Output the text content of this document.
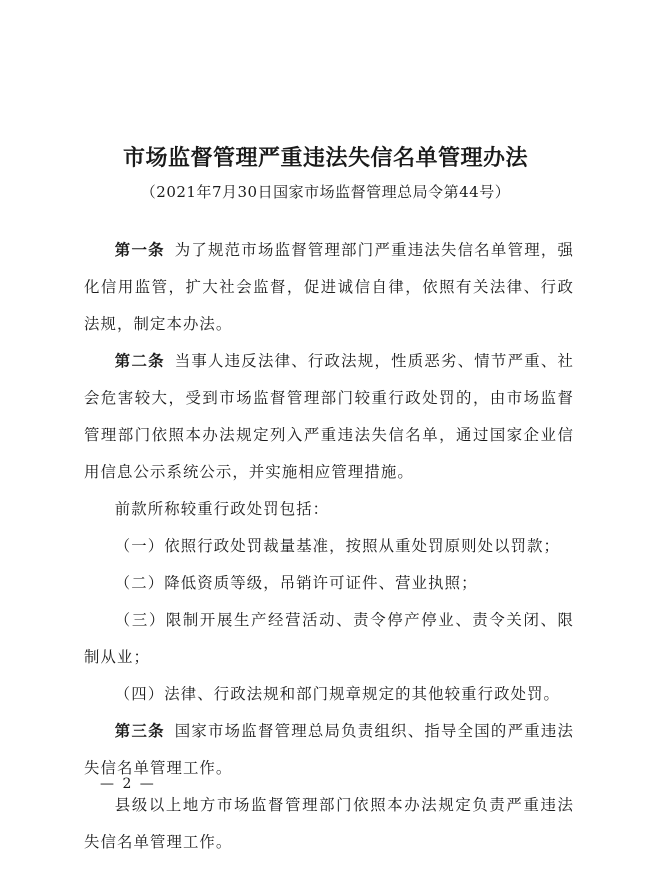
市场监督管理严重违法失信名单管理办法
（2021年7月30日国家市场监督管理总局令第44号）

第一条 为了规范市场监督管理部门严重违法失信名单管理，强化信用监管，扩大社会监督，促进诚信自律，依照有关法律、行政法规，制定本办法。

第二条 当事人违反法律、行政法规，性质恶劣、情节严重、社会危害较大，受到市场监督管理部门较重行政处罚的，由市场监督管理部门依照本办法规定列入严重违法失信名单，通过国家企业信用信息公示系统公示，并实施相应管理措施。

前款所称较重行政处罚包括：

（一）依照行政处罚裁量基准，按照从重处罚原则处以罚款；

（二）降低资质等级，吊销许可证件、营业执照；

（三）限制开展生产经营活动、责令停产停业、责令关闭、限制从业；

（四）法律、行政法规和部门规章规定的其他较重行政处罚。

第三条 国家市场监督管理总局负责组织、指导全国的严重违法失信名单管理工作。

县级以上地方市场监督管理部门依照本办法规定负责严重违法失信名单管理工作。

— 2 —
